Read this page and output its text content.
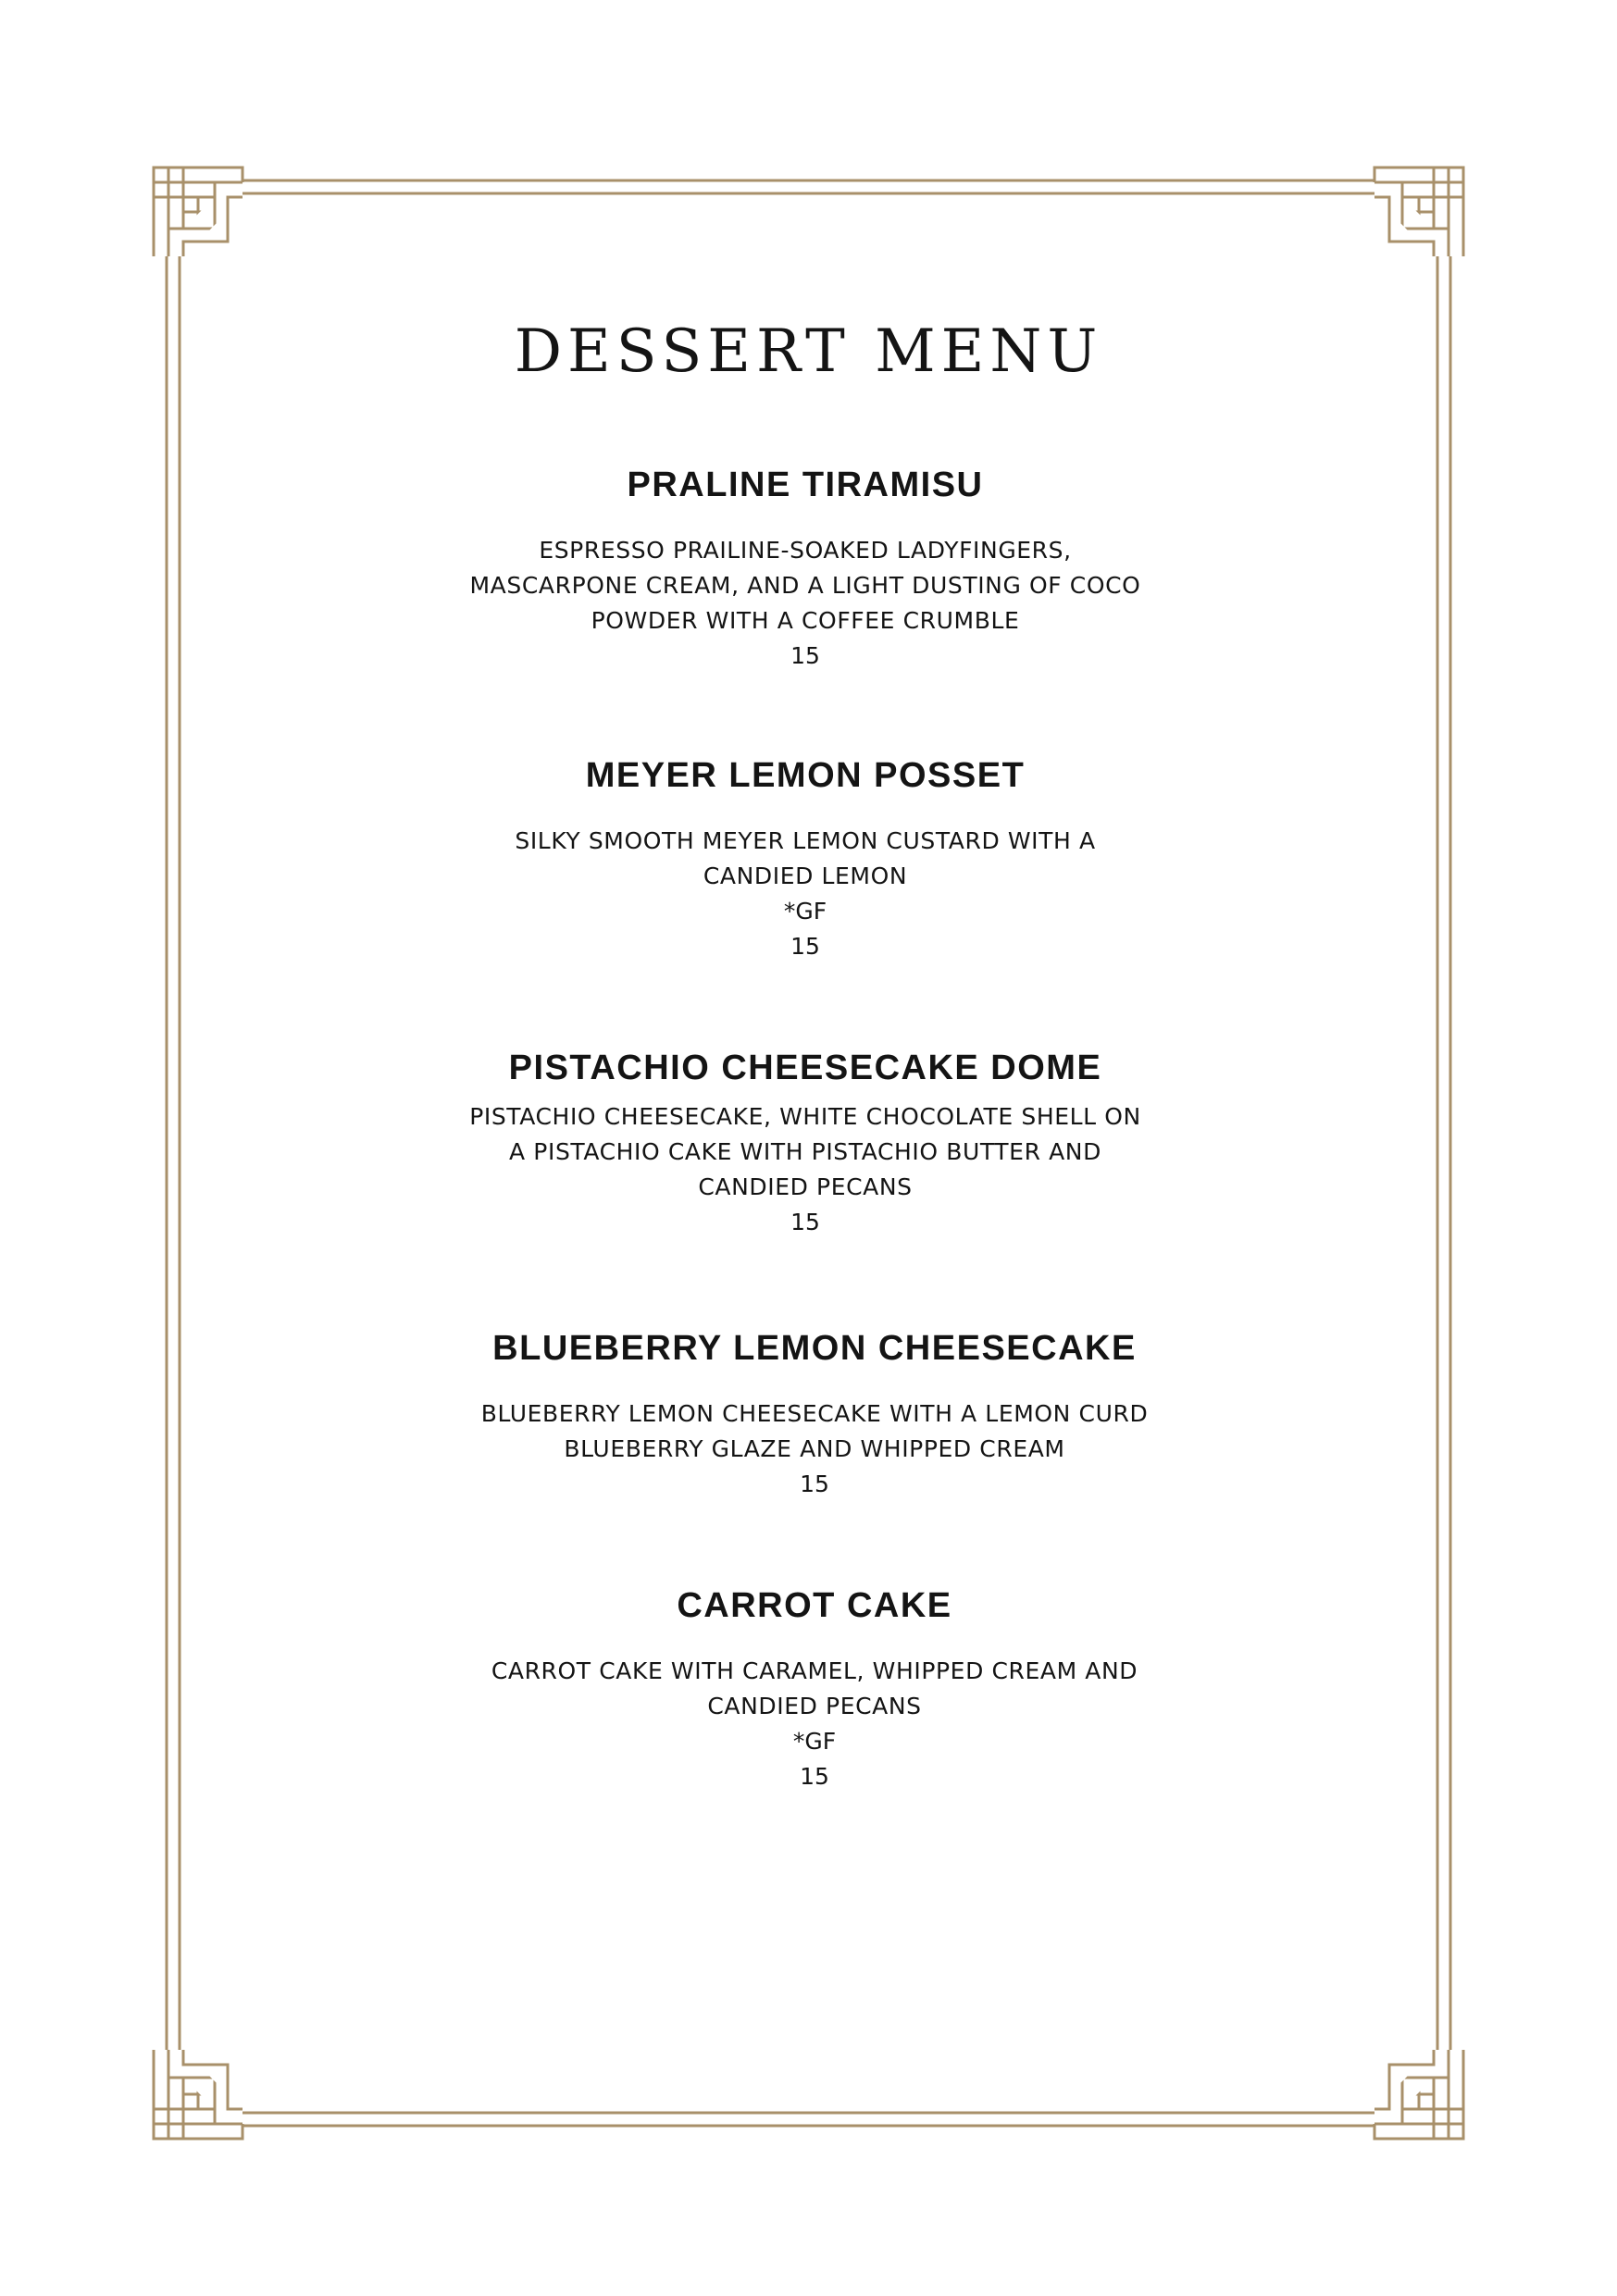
DESSERT MENU
PRALINE TIRAMISU
ESPRESSO PRAILINE-SOAKED LADYFINGERS,
MASCARPONE CREAM, AND A LIGHT DUSTING OF COCO
POWDER WITH A COFFEE CRUMBLE
15
MEYER LEMON POSSET
SILKY SMOOTH MEYER LEMON CUSTARD WITH A
CANDIED LEMON
*GF
15
PISTACHIO CHEESECAKE DOME
PISTACHIO CHEESECAKE, WHITE CHOCOLATE SHELL ON
A PISTACHIO CAKE WITH PISTACHIO BUTTER AND
CANDIED PECANS
15
BLUEBERRY LEMON CHEESECAKE
BLUEBERRY LEMON CHEESECAKE WITH A LEMON CURD
BLUEBERRY GLAZE AND WHIPPED CREAM
15
CARROT CAKE
CARROT CAKE WITH CARAMEL, WHIPPED CREAM AND
CANDIED PECANS
*GF
15
